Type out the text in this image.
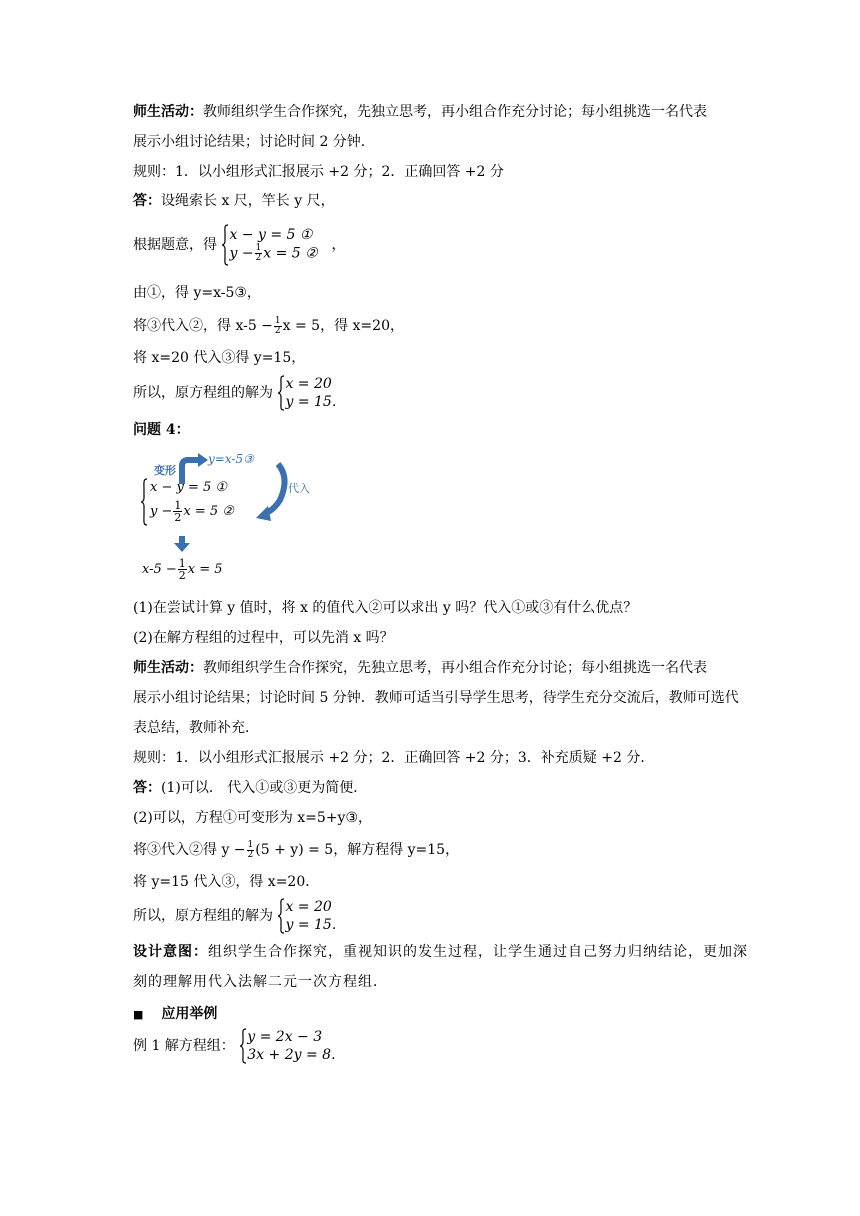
师生活动：教师组织学生合作探究，先独立思考，再小组合作充分讨论；每小组挑选一名代表
展示小组讨论结果；讨论时间 2 分钟．
规则：1．以小组形式汇报展示 +2 分；2．正确回答 +2 分
答：设绳索长 x 尺，竿长 y 尺，
根据题意，得
x − y = 5 ①
$y - \frac{1}{2}$ x = 5 ②
，
由①，得 y=x-5③，
将③代入②，得 $x-5 - \frac{1}{2}$ x = 5，得 x=20，
将 x=20 代入③得 y=15，
所以，原方程组的解为
x = 20
y = 15.
问题 4：
变形
y=x-5③
代入
x − y = 5 ①
$y - \frac{1}{2}$ x = 5 ②
$x-5 - \frac{1}{2}$ x = 5
(1)在尝试计算 y 值时，将 x 的值代入②可以求出 y 吗？代入①或③有什么优点？
(2)在解方程组的过程中，可以先消 x 吗？
师生活动：教师组织学生合作探究，先独立思考，再小组合作充分讨论；每小组挑选一名代表
展示小组讨论结果；讨论时间 5 分钟．教师可适当引导学生思考，待学生充分交流后，教师可选代
表总结，教师补充．
规则：1．以小组形式汇报展示 +2 分；2．正确回答 +2 分；3．补充质疑 +2 分．
答：(1)可以． 代入①或③更为简便．
(2)可以，方程①可变形为 x=5+y③，
将③代入②得 $y - \frac{1}{2} (5 + y) = 5$，解方程得 y=15，
将 y=15 代入③，得 x=20．
所以，原方程组的解为
x = 20
y = 15.
设计意图：组织学生合作探究，重视知识的发生过程，让学生通过自己努力归纳结论，更加深
刻的理解用代入法解二元一次方程组．
■ 应用举例
例 1 解方程组：
y = 2x − 3
3x + 2y = 8.
